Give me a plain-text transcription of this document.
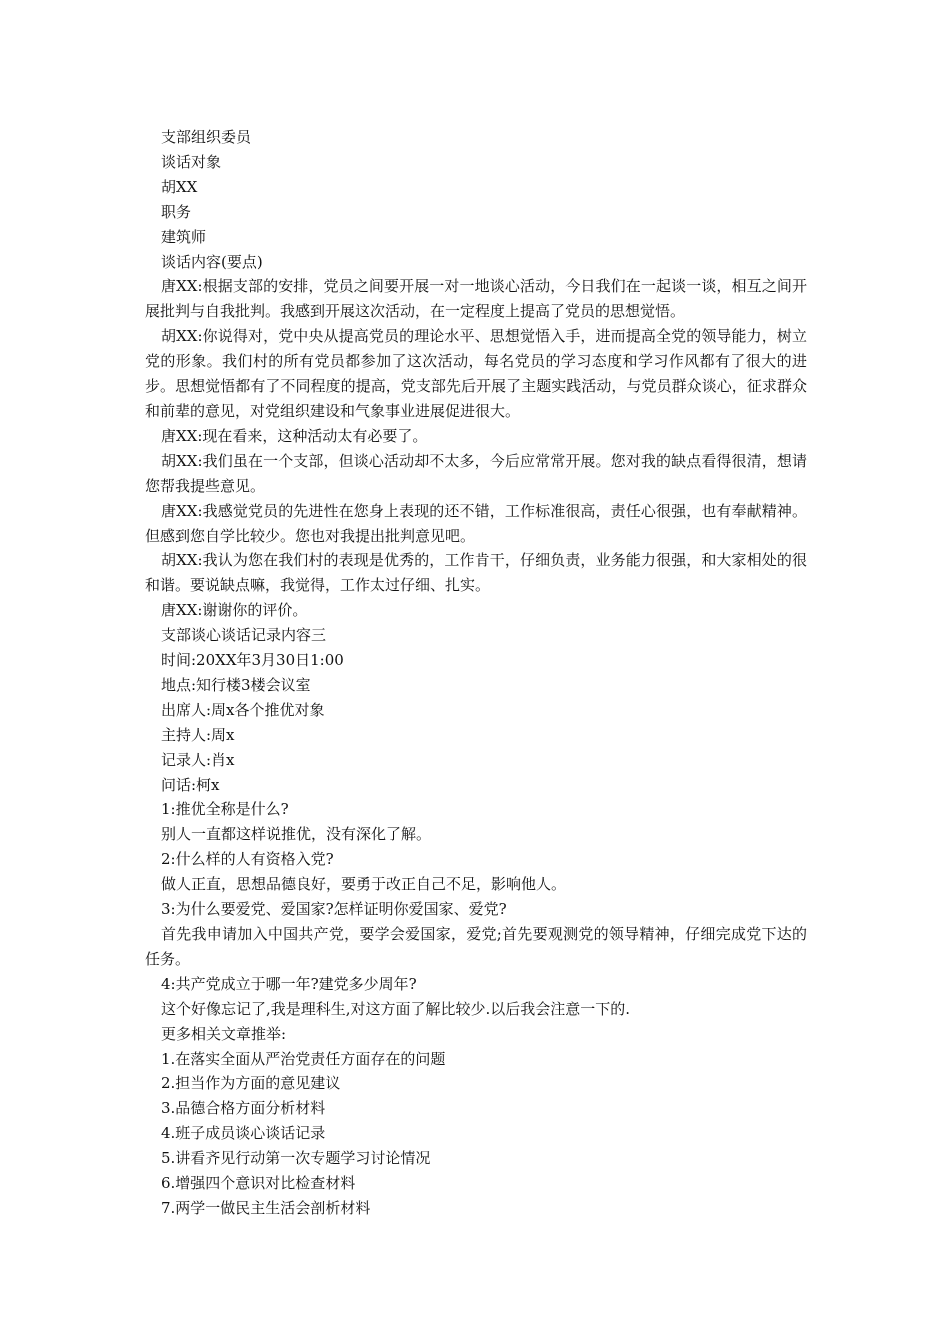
支部组织委员

谈话对象

胡XX

职务

建筑师

谈话内容(要点)

唐XX:根据支部的安排，党员之间要开展一对一地谈心活动，今日我们在一起谈一谈，相互之间开展批判与自我批判。我感到开展这次活动，在一定程度上提高了党员的思想觉悟。

胡XX:你说得对，党中央从提高党员的理论水平、思想觉悟入手，进而提高全党的领导能力，树立党的形象。我们村的所有党员都参加了这次活动，每名党员的学习态度和学习作风都有了很大的进步。思想觉悟都有了不同程度的提高，党支部先后开展了主题实践活动，与党员群众谈心，征求群众和前辈的意见，对党组织建设和气象事业进展促进很大。

唐XX:现在看来，这种活动太有必要了。

胡XX:我们虽在一个支部，但谈心活动却不太多，今后应常常开展。您对我的缺点看得很清，想请您帮我提些意见。

唐XX:我感觉党员的先进性在您身上表现的还不错，工作标准很高，责任心很强，也有奉献精神。但感到您自学比较少。您也对我提出批判意见吧。

胡XX:我认为您在我们村的表现是优秀的，工作肯干，仔细负责，业务能力很强，和大家相处的很和谐。要说缺点嘛，我觉得，工作太过仔细、扎实。

唐XX:谢谢你的评价。

支部谈心谈话记录内容三

时间:20XX年3月30日1:00

地点:知行楼3楼会议室

出席人:周x各个推优对象

主持人:周x

记录人:肖x

问话:柯x

1:推优全称是什么?

别人一直都这样说推优，没有深化了解。

2:什么样的人有资格入党?

做人正直，思想品德良好，要勇于改正自己不足，影响他人。

3:为什么要爱党、爱国家?怎样证明你爱国家、爱党?

首先我申请加入中国共产党，要学会爱国家，爱党;首先要观测党的领导精神，仔细完成党下达的任务。

4:共产党成立于哪一年?建党多少周年?

这个好像忘记了,我是理科生,对这方面了解比较少.以后我会注意一下的.

更多相关文章推举:

1.在落实全面从严治党责任方面存在的问题

2.担当作为方面的意见建议

3.品德合格方面分析材料

4.班子成员谈心谈话记录

5.讲看齐见行动第一次专题学习讨论情况

6.增强四个意识对比检查材料

7.两学一做民主生活会剖析材料
